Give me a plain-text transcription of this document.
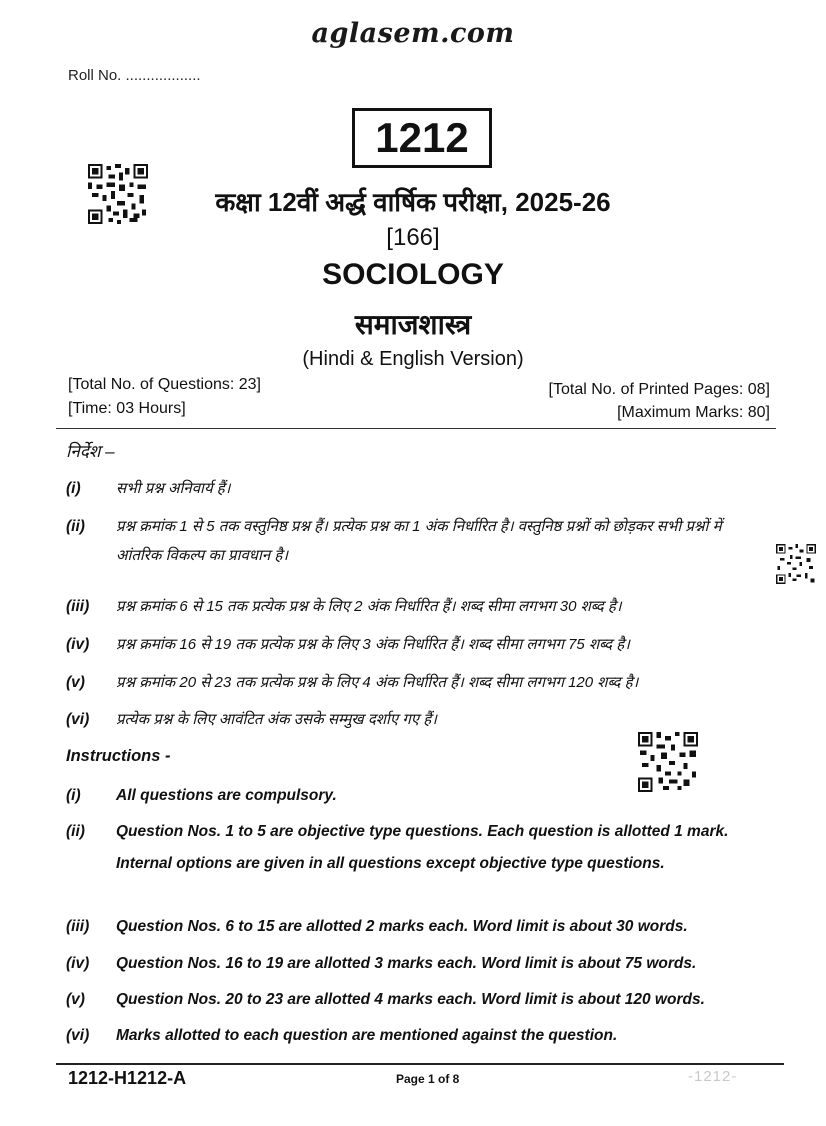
aglasem.com
Roll No. ..................
1212
कक्षा 12वीं अर्द्ध वार्षिक परीक्षा, 2025-26
[166]
SOCIOLOGY
समाजशास्त्र
(Hindi & English Version)
[Total No. of Questions: 23]
[Time: 03 Hours]
[Total No. of Printed Pages: 08]
[Maximum Marks: 80]
निर्देश –
(i)	सभी प्रश्न अनिवार्य हैं।
(ii)	प्रश्न क्रमांक 1 से 5 तक वस्तुनिष्ठ प्रश्न हैं। प्रत्येक प्रश्न का 1 अंक निर्धारित है। वस्तुनिष्ठ प्रश्नों को छोड़कर सभी प्रश्नों में आंतरिक विकल्प का प्रावधान है।
(iii)	प्रश्न क्रमांक 6 से 15 तक प्रत्येक प्रश्न के लिए 2 अंक निर्धारित हैं। शब्द सीमा लगभग 30 शब्द है।
(iv)	प्रश्न क्रमांक 16 से 19 तक प्रत्येक प्रश्न के लिए 3 अंक निर्धारित हैं। शब्द सीमा लगभग 75 शब्द है।
(v)	प्रश्न क्रमांक 20 से 23 तक प्रत्येक प्रश्न के लिए 4 अंक निर्धारित हैं। शब्द सीमा लगभग 120 शब्द है।
(vi)	प्रत्येक प्रश्न के लिए आवंटित अंक उसके सम्मुख दर्शाए गए हैं।
Instructions -
(i)	All questions are compulsory.
(ii)	Question Nos. 1 to 5 are objective type questions. Each question is allotted 1 mark. Internal options are given in all questions except objective type questions.
(iii)	Question Nos. 6 to 15 are allotted 2 marks each. Word limit is about 30 words.
(iv)	Question Nos. 16 to 19 are allotted 3 marks each. Word limit is about 75 words.
(v)	Question Nos. 20 to 23 are allotted 4 marks each. Word limit is about 120 words.
(vi)	Marks allotted to each question are mentioned against the question.
1212-H1212-A	Page 1 of 8	-1212-
